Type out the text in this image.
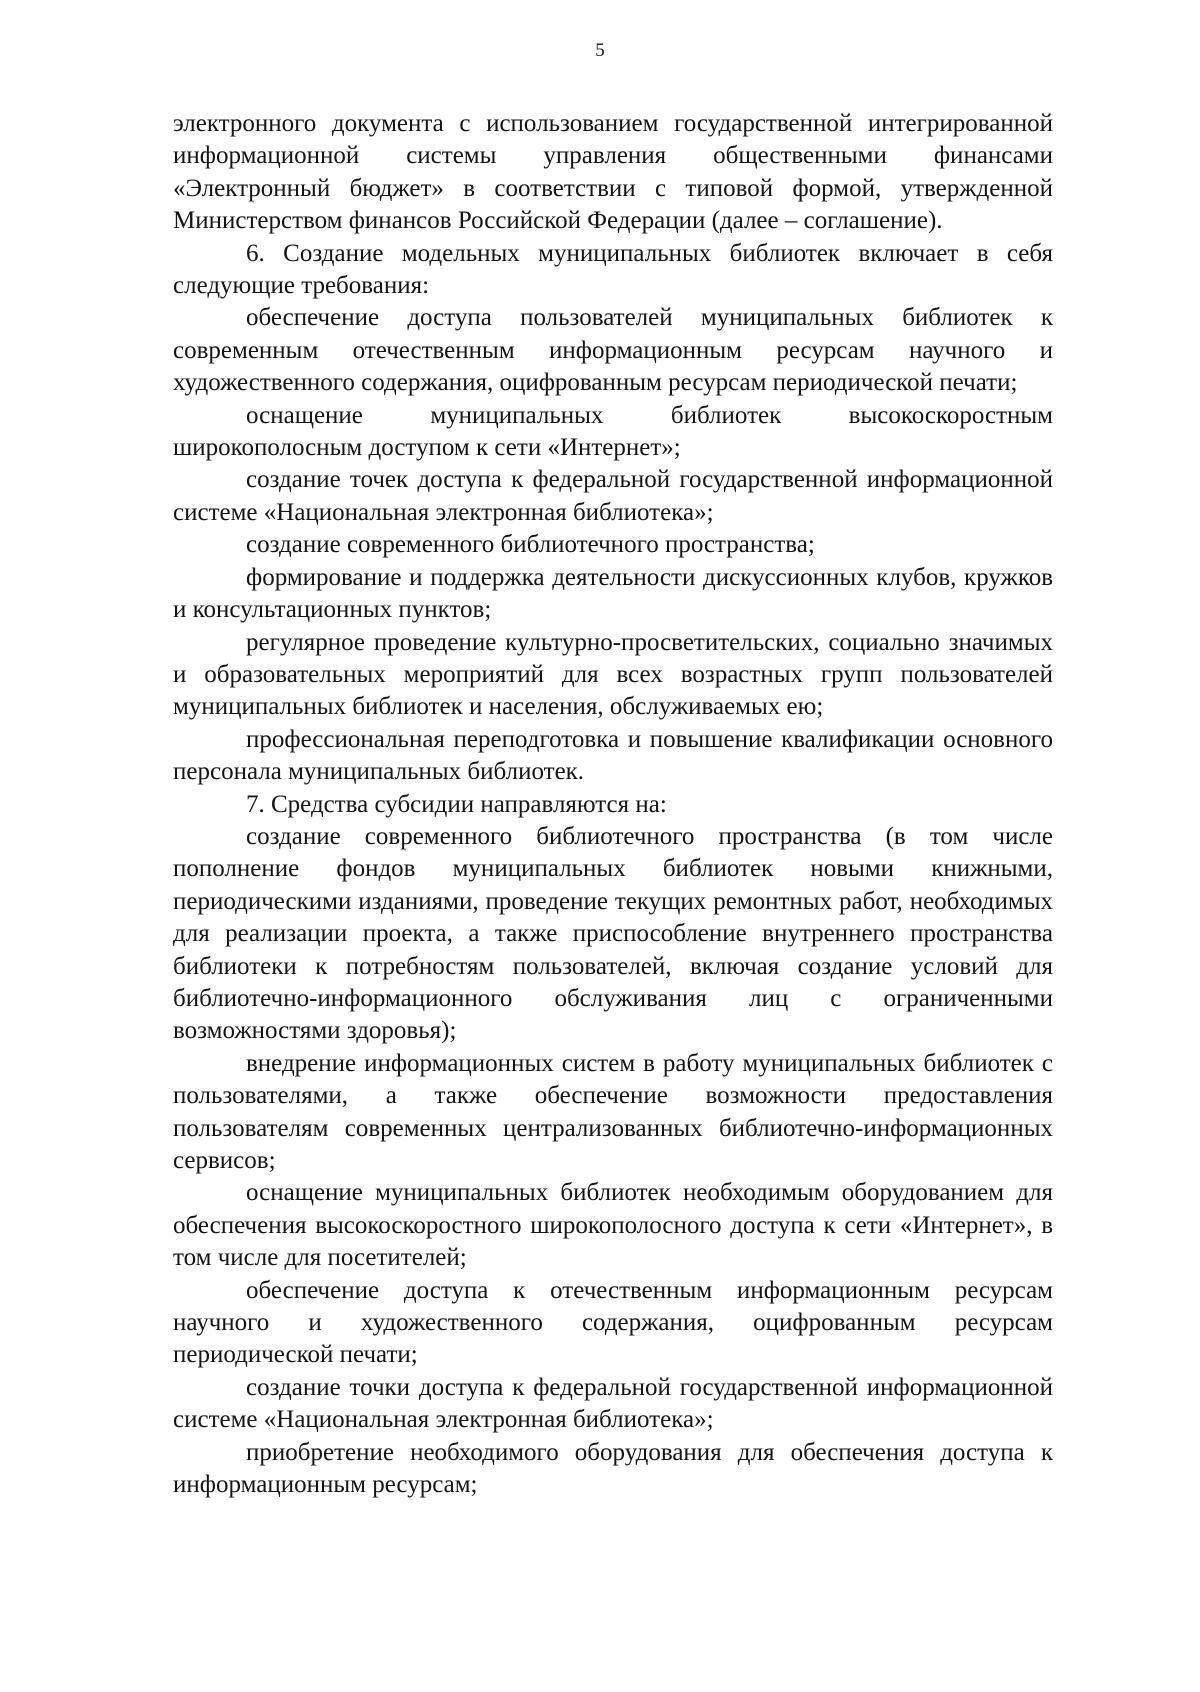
5

электронного документа с использованием государственной интегрированной информационной системы управления общественными финансами «Электронный бюджет» в соответствии с типовой формой, утвержденной Министерством финансов Российской Федерации (далее – соглашение).

6. Создание модельных муниципальных библиотек включает в себя следующие требования:

обеспечение доступа пользователей муниципальных библиотек к современным отечественным информационным ресурсам научного и художественного содержания, оцифрованным ресурсам периодической печати;

оснащение муниципальных библиотек высокоскоростным широкополосным доступом к сети «Интернет»;

создание точек доступа к федеральной государственной информационной системе «Национальная электронная библиотека»;

создание современного библиотечного пространства;

формирование и поддержка деятельности дискуссионных клубов, кружков и консультационных пунктов;

регулярное проведение культурно-просветительских, социально значимых и образовательных мероприятий для всех возрастных групп пользователей муниципальных библиотек и населения, обслуживаемых ею;

профессиональная переподготовка и повышение квалификации основного персонала муниципальных библиотек.

7. Средства субсидии направляются на:

создание современного библиотечного пространства (в том числе пополнение фондов муниципальных библиотек новыми книжными, периодическими изданиями, проведение текущих ремонтных работ, необходимых для реализации проекта, а также приспособление внутреннего пространства библиотеки к потребностям пользователей, включая создание условий для библиотечно-информационного обслуживания лиц с ограниченными возможностями здоровья);

внедрение информационных систем в работу муниципальных библиотек с пользователями, а также обеспечение возможности предоставления пользователям современных централизованных библиотечно-информационных сервисов;

оснащение муниципальных библиотек необходимым оборудованием для обеспечения высокоскоростного широкополосного доступа к сети «Интернет», в том числе для посетителей;

обеспечение доступа к отечественным информационным ресурсам научного и художественного содержания, оцифрованным ресурсам периодической печати;

создание точки доступа к федеральной государственной информационной системе «Национальная электронная библиотека»;

приобретение необходимого оборудования для обеспечения доступа к информационным ресурсам;
